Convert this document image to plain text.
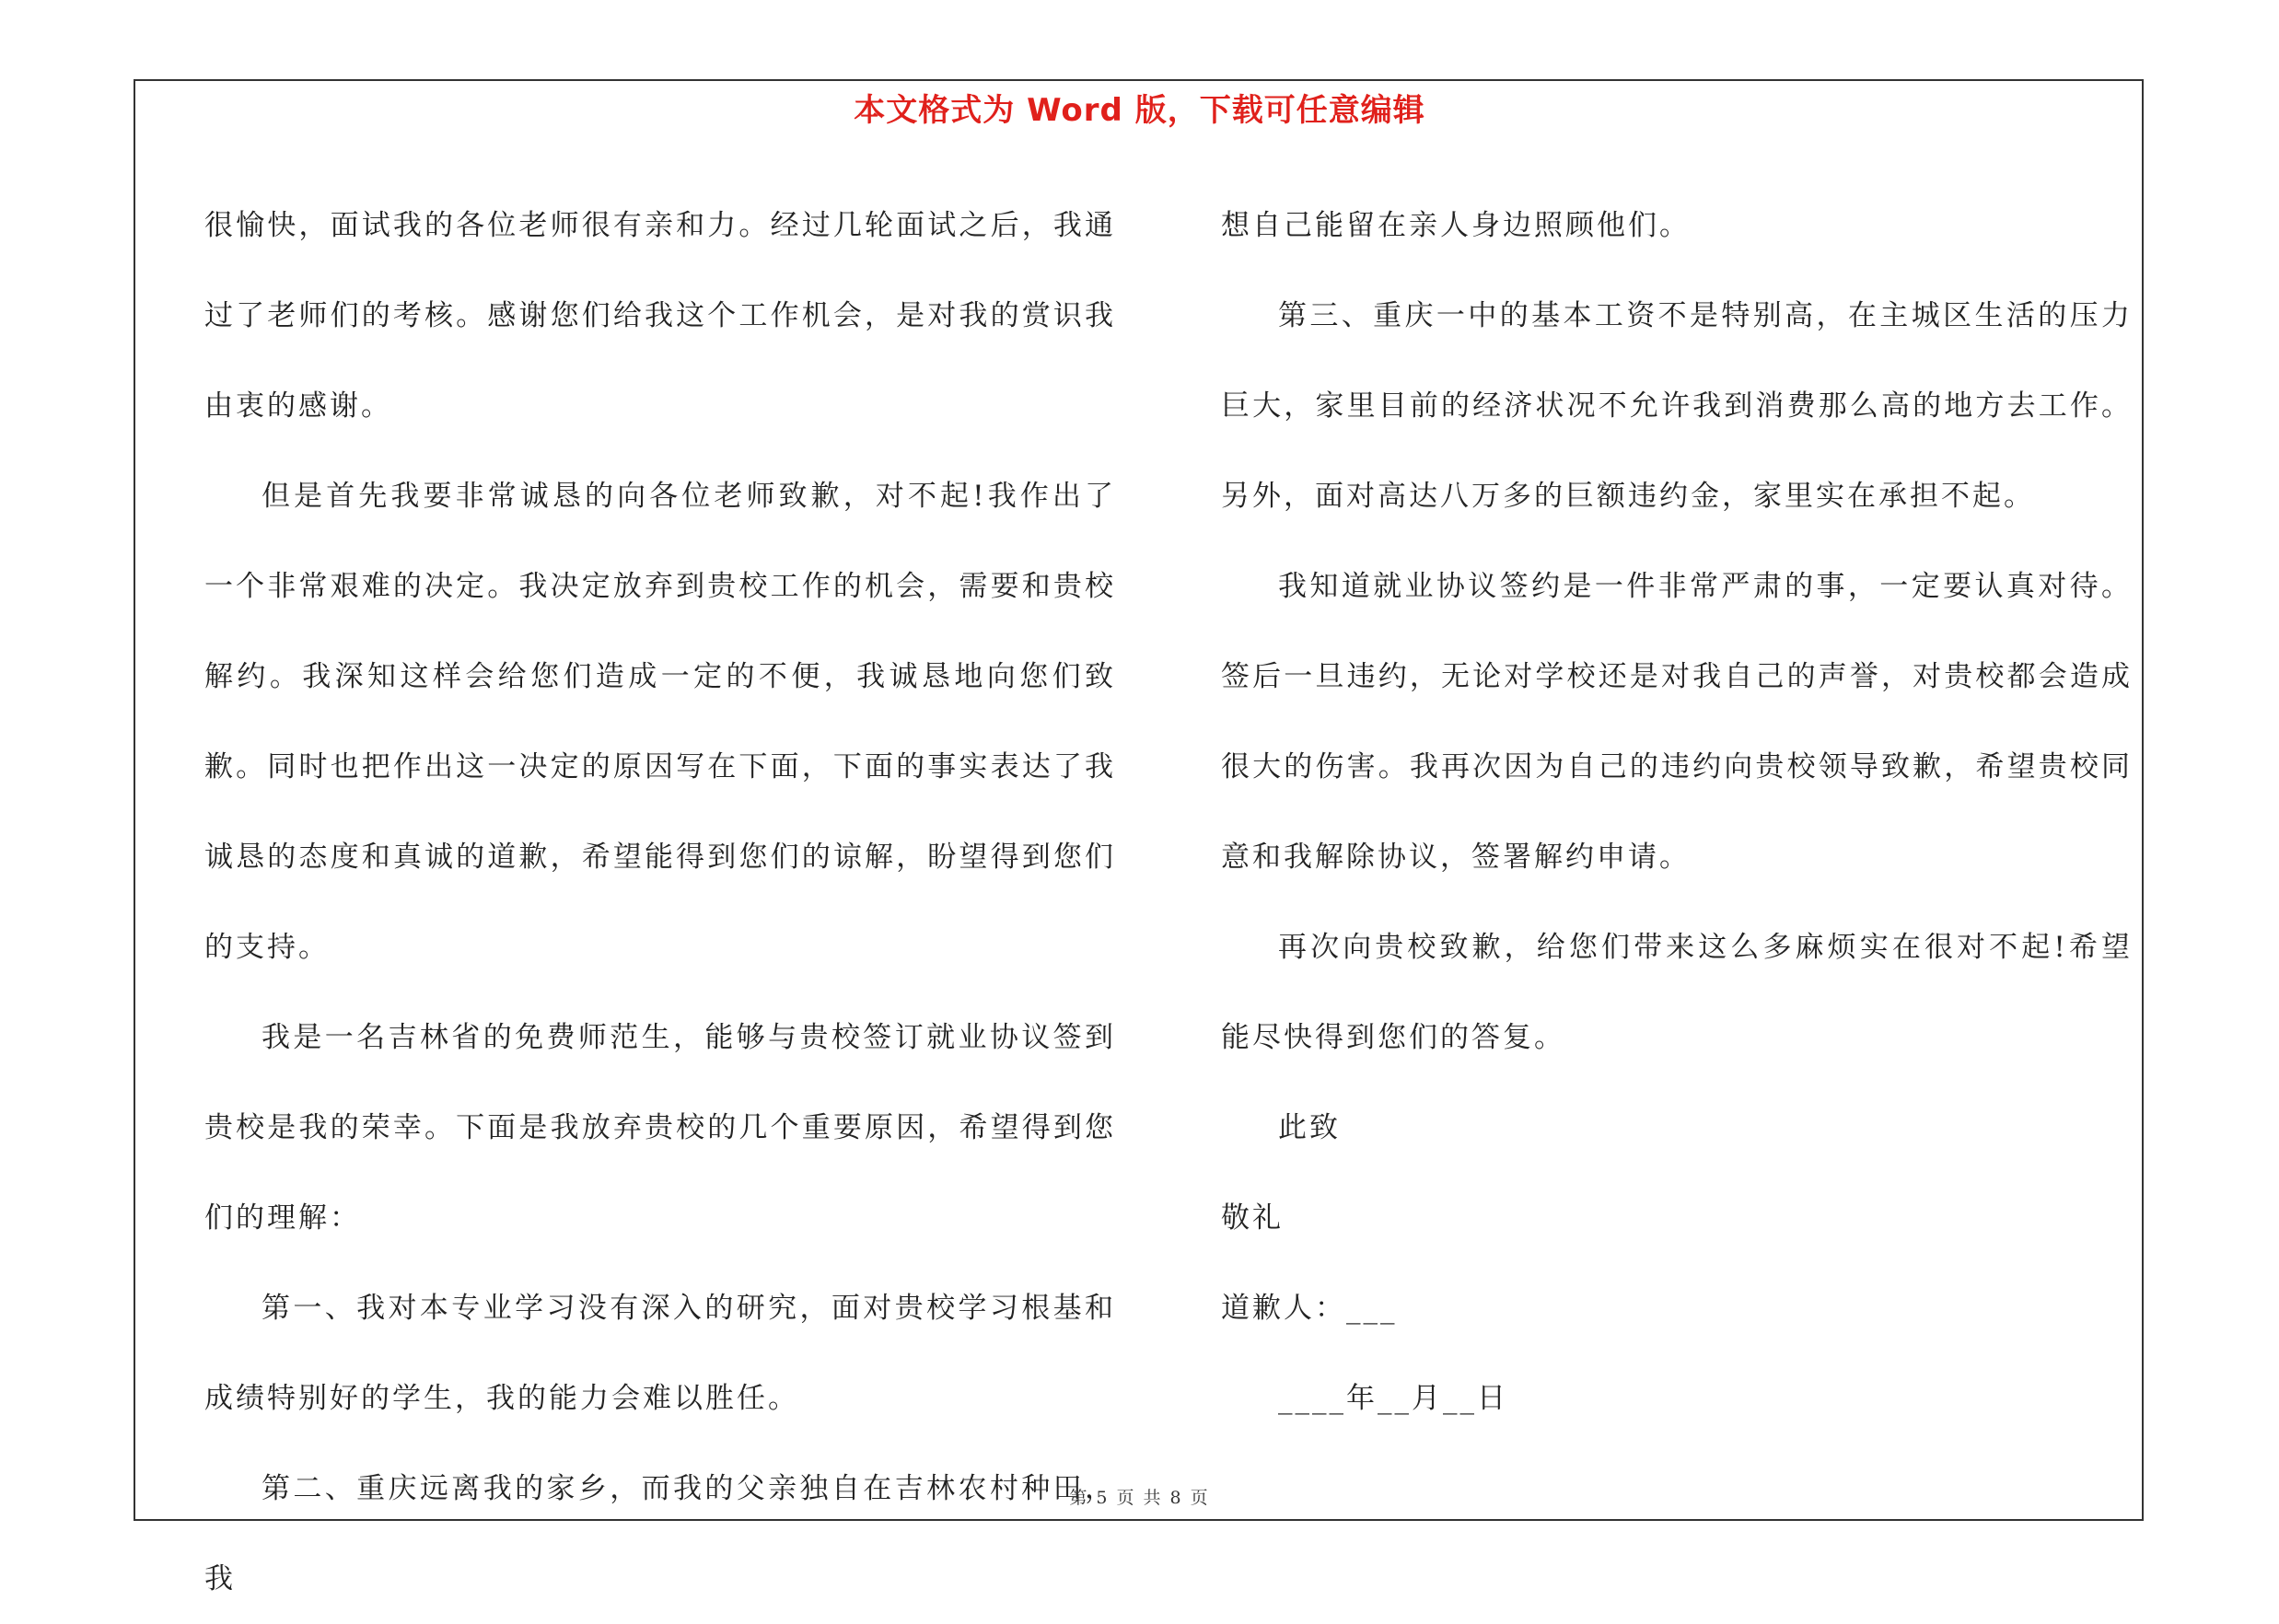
本文格式为 Word 版，下载可任意编辑

很愉快，面试我的各位老师很有亲和力。经过几轮面试之后，我通过了老师们的考核。感谢您们给我这个工作机会，是对我的赏识我由衷的感谢。

但是首先我要非常诚恳的向各位老师致歉，对不起!我作出了一个非常艰难的决定。我决定放弃到贵校工作的机会，需要和贵校解约。我深知这样会给您们造成一定的不便，我诚恳地向您们致歉。同时也把作出这一决定的原因写在下面，下面的事实表达了我诚恳的态度和真诚的道歉，希望能得到您们的谅解，盼望得到您们的支持。

我是一名吉林省的免费师范生，能够与贵校签订就业协议签到贵校是我的荣幸。下面是我放弃贵校的几个重要原因，希望得到您们的理解：

第一、我对本专业学习没有深入的研究，面对贵校学习根基和成绩特别好的学生，我的能力会难以胜任。

第二、重庆远离我的家乡，而我的父亲独自在吉林农村种田，我

想自己能留在亲人身边照顾他们。

第三、重庆一中的基本工资不是特别高，在主城区生活的压力巨大，家里目前的经济状况不允许我到消费那么高的地方去工作。另外，面对高达八万多的巨额违约金，家里实在承担不起。

我知道就业协议签约是一件非常严肃的事，一定要认真对待。签后一旦违约，无论对学校还是对我自己的声誉，对贵校都会造成很大的伤害。我再次因为自己的违约向贵校领导致歉，希望贵校同意和我解除协议，签署解约申请。

再次向贵校致歉，给您们带来这么多麻烦实在很对不起!希望能尽快得到您们的答复。

此致

敬礼

道歉人：___

____年__月__日

第 5 页 共 8 页
